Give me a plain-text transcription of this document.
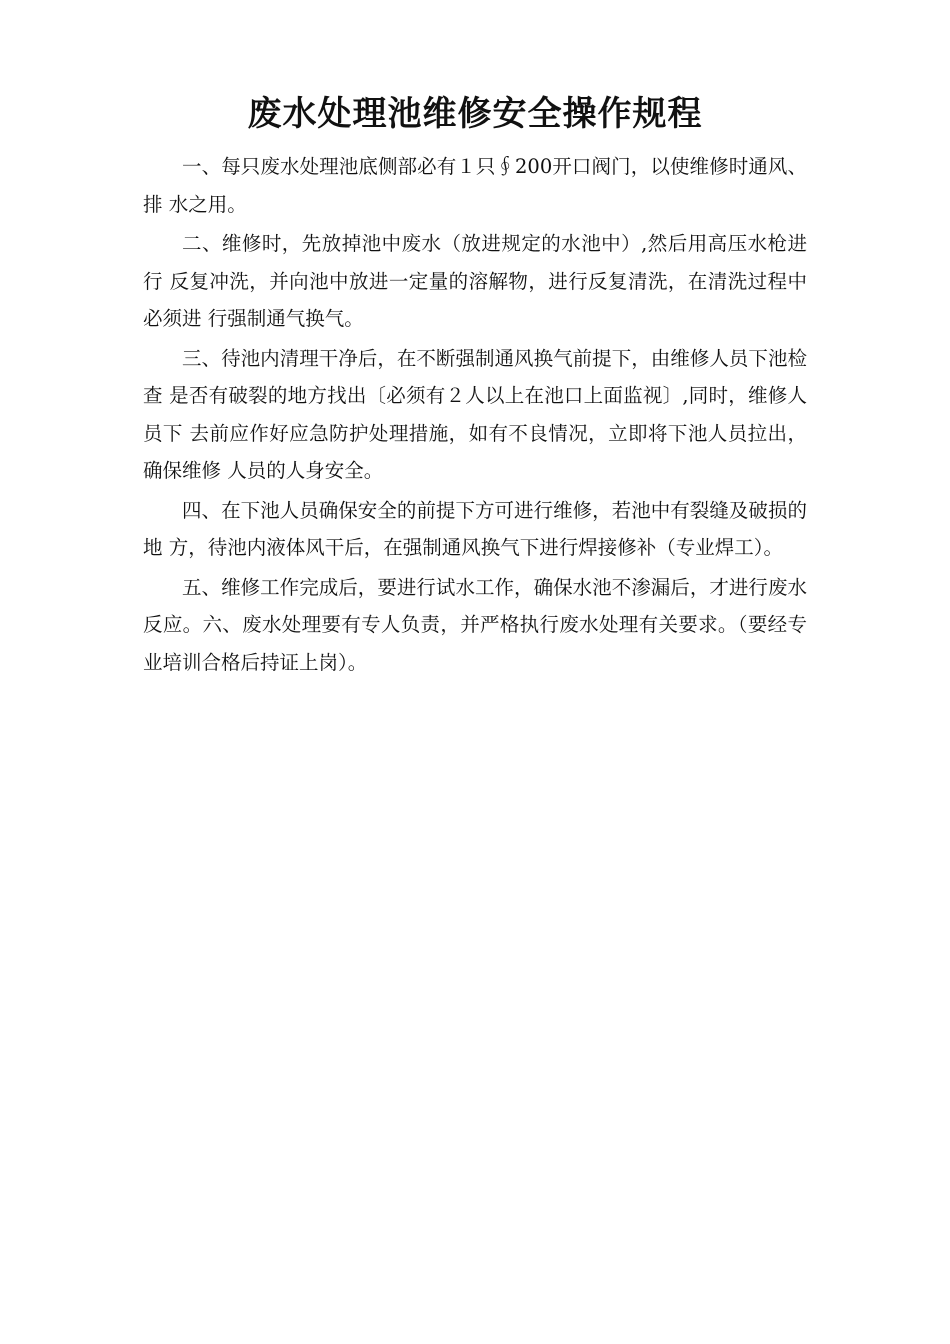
废水处理池维修安全操作规程

一、每只废水处理池底侧部必有１只∮200开口阀门，以使维修时通风、排 水之用。

二、维修时，先放掉池中废水（放进规定的水池中）,然后用高压水枪进行 反复冲洗，并向池中放进一定量的溶解物，进行反复清洗，在清洗过程中必须进 行强制通气换气。

三、待池内清理干净后，在不断强制通风换气前提下，由维修人员下池检查 是否有破裂的地方找出〔必须有２人以上在池口上面监视〕,同时，维修人员下 去前应作好应急防护处理措施，如有不良情况，立即将下池人员拉出，确保维修 人员的人身安全。

四、在下池人员确保安全的前提下方可进行维修，若池中有裂缝及破损的地 方，待池内液体风干后，在强制通风换气下进行焊接修补（专业焊工）。

五、维修工作完成后，要进行试水工作，确保水池不渗漏后，才进行废水反应。六、废水处理要有专人负责，并严格执行废水处理有关要求。（要经专业培训合格后持证上岗）。
